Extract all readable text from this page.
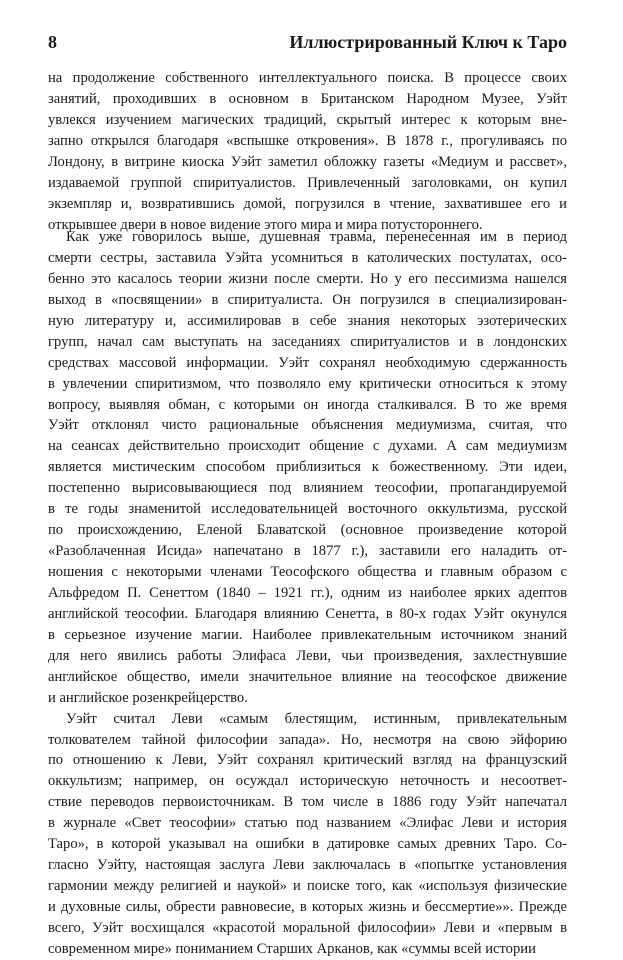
8	Иллюстрированный Ключ к Таро
на продолжение собственного интеллектуального поиска. В процессе своих
занятий, проходивших в основном в Британском Народном Музее, Уэйт
увлекся изучением магических традиций, скрытый интерес к которым вне-
запно открылся благодаря «вспышке откровения». В 1878 г., прогуливаясь по
Лондону, в витрине киоска Уэйт заметил обложку газеты «Медиум и рассвет»,
издаваемой группой спиритуалистов. Привлеченный заголовками, он купил
экземпляр и, возвратившись домой, погрузился в чтение, захватившее его и
открывшее двери в новое видение этого мира и мира потустороннего.
Как уже говорилось выше, душевная травма, перенесенная им в период
смерти сестры, заставила Уэйта усомниться в католических постулатах, осо-
бенно это касалось теории жизни после смерти. Но у его пессимизма нашелся
выход в «посвящении» в спиритуалиста. Он погрузился в специализирован-
ную литературу и, ассимилировав в себе знания некоторых эзотерических
групп, начал сам выступать на заседаниях спиритуалистов и в лондонских
средствах массовой информации. Уэйт сохранял необходимую сдержанность
в увлечении спиритизмом, что позволяло ему критически относиться к этому
вопросу, выявляя обман, с которыми он иногда сталкивался. В то же время
Уэйт отклонял чисто рациональные объяснения медиумизма, считая, что
на сеансах действительно происходит общение с духами. А сам медиумизм
является мистическим способом приблизиться к божественному. Эти идеи,
постепенно вырисовывающиеся под влиянием теософии, пропагандируемой
в те годы знаменитой исследовательницей восточного оккультизма, русской
по происхождению, Еленой Блаватской (основное произведение которой
«Разоблаченная Исида» напечатано в 1877 г.), заставили его наладить от-
ношения с некоторыми членами Теософского общества и главным образом с
Альфредом П. Сенеттом (1840 – 1921 гг.), одним из наиболее ярких адептов
английской теософии. Благодаря влиянию Сенетта, в 80-х годах Уэйт окунулся
в серьезное изучение магии. Наиболее привлекательным источником знаний
для него явились работы Элифаса Леви, чьи произведения, захлестнувшие
английское общество, имели значительное влияние на теософское движение
и английское розенкрейцерство.
Уэйт считал Леви «самым блестящим, истинным, привлекательным
толкователем тайной философии запада». Но, несмотря на свою эйфорию
по отношению к Леви, Уэйт сохранял критический взгляд на французский
оккультизм; например, он осуждал историческую неточность и несоответ-
ствие переводов первоисточникам. В том числе в 1886 году Уэйт напечатал
в журнале «Свет теософии» статью под названием «Элифас Леви и история
Таро», в которой указывал на ошибки в датировке самых древних Таро. Со-
гласно Уэйту, настоящая заслуга Леви заключалась в «попытке установления
гармонии между религией и наукой» и поиске того, как «используя физические
и духовные силы, обрести равновесие, в которых жизнь и бессмертие»». Прежде
всего, Уэйт восхищался «красотой моральной философии» Леви и «первым в
современном мире» пониманием Старших Арканов, как «суммы всей истории
